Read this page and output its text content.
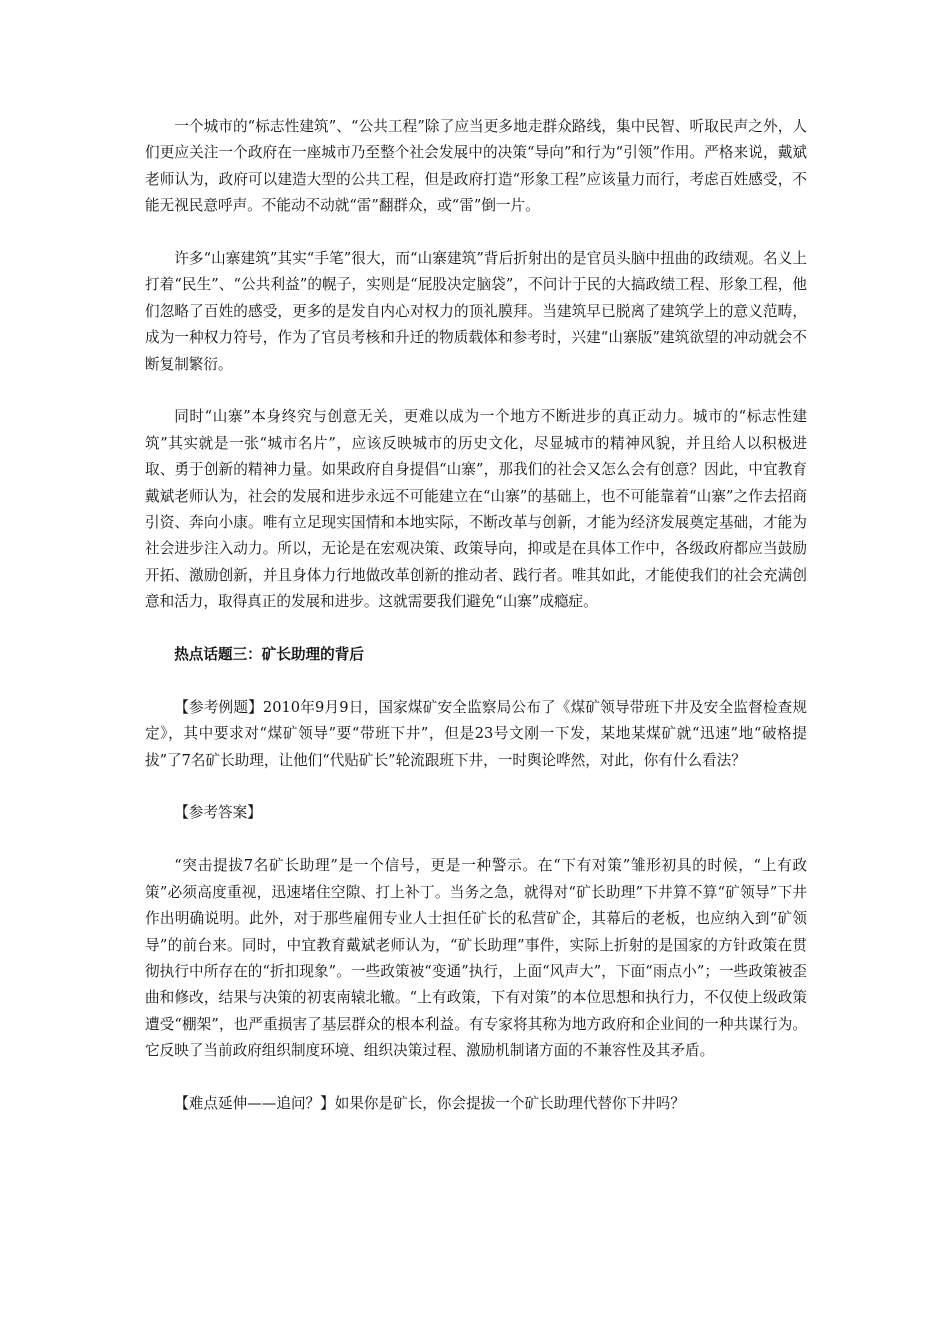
一个城市的“标志性建筑”、“公共工程”除了应当更多地走群众路线，集中民智、听取民声之外，人们更应关注一个政府在一座城市乃至整个社会发展中的决策“导向”和行为“引领”作用。严格来说，戴斌老师认为，政府可以建造大型的公共工程，但是政府打造“形象工程”应该量力而行，考虑百姓感受，不能无视民意呼声。不能动不动就“雷”翻群众，或“雷”倒一片。

许多“山寨建筑”其实“手笔”很大，而“山寨建筑”背后折射出的是官员头脑中扭曲的政绩观。名义上打着“民生”、“公共利益”的幌子，实则是“屁股决定脑袋”，不问计于民的大搞政绩工程、形象工程，他们忽略了百姓的感受，更多的是发自内心对权力的顶礼膜拜。当建筑早已脱离了建筑学上的意义范畴，成为一种权力符号，作为了官员考核和升迁的物质载体和参考时，兴建“山寨版”建筑欲望的冲动就会不断复制繁衍。

同时“山寨”本身终究与创意无关，更难以成为一个地方不断进步的真正动力。城市的“标志性建筑”其实就是一张“城市名片”，应该反映城市的历史文化，尽显城市的精神风貌，并且给人以积极进取、勇于创新的精神力量。如果政府自身提倡“山寨”，那我们的社会又怎么会有创意？因此，中宜教育戴斌老师认为，社会的发展和进步永远不可能建立在“山寨”的基础上，也不可能靠着“山寨”之作去招商引资、奔向小康。唯有立足现实国情和本地实际，不断改革与创新，才能为经济发展奠定基础，才能为社会进步注入动力。所以，无论是在宏观决策、政策导向，抑或是在具体工作中，各级政府都应当鼓励开拓、激励创新，并且身体力行地做改革创新的推动者、践行者。唯其如此，才能使我们的社会充满创意和活力，取得真正的发展和进步。这就需要我们避免“山寨”成瘾症。

热点话题三：矿长助理的背后

【参考例题】2010年9月9日，国家煤矿安全监察局公布了《煤矿领导带班下井及安全监督检查规定》，其中要求对“煤矿领导”要“带班下井”，但是23号文刚一下发，某地某煤矿就“迅速”地“破格提拔”了7名矿长助理，让他们“代贴矿长”轮流跟班下井，一时舆论哗然，对此，你有什么看法？

【参考答案】

“突击提拔7名矿长助理”是一个信号，更是一种警示。在“下有对策”雏形初具的时候，“上有政策”必须高度重视，迅速堵住空隙、打上补丁。当务之急，就得对“矿长助理”下井算不算“矿领导”下井作出明确说明。此外，对于那些雇佣专业人士担任矿长的私营矿企，其幕后的老板，也应纳入到“矿领导”的前台来。同时，中宜教育戴斌老师认为，“矿长助理”事件，实际上折射的是国家的方针政策在贯彻执行中所存在的“折扣现象”。一些政策被“变通”执行，上面“风声大”，下面“雨点小”；一些政策被歪曲和修改，结果与决策的初衷南辕北辙。“上有政策，下有对策”的本位思想和执行力，不仅使上级政策遭受“棚架”，也严重损害了基层群众的根本利益。有专家将其称为地方政府和企业间的一种共谋行为。它反映了当前政府组织制度环境、组织决策过程、激励机制诸方面的不兼容性及其矛盾。

【难点延伸——追问？】如果你是矿长，你会提拔一个矿长助理代替你下井吗？
